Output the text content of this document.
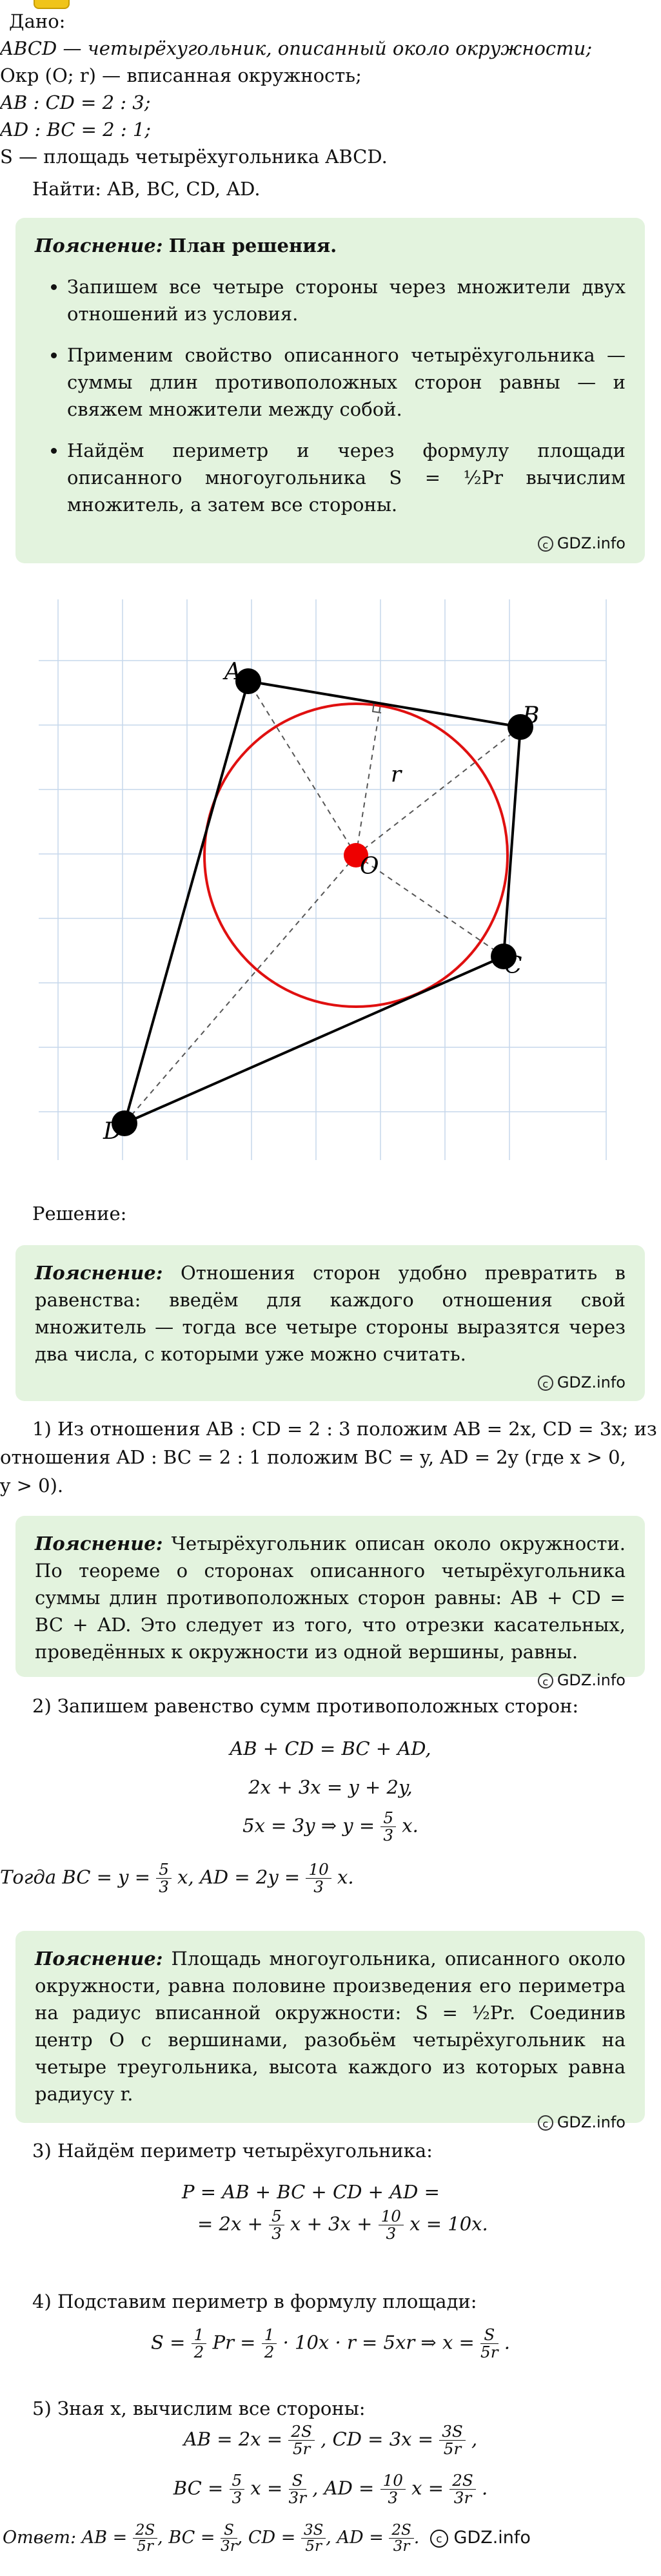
Дано:
ABCD — четырёхугольник, описанный около окружности;
Окр (O; r) — вписанная окружность;
AB : CD = 2 : 3;
AD : BC = 2 : 1;
S — площадь четырёхугольника ABCD.
Найти: AB, BC, CD, AD.

Пояснение: План решения.

• Запишем все четыре стороны через множители двух отношений из условия.
• Применим свойство описанного четырёхугольника — суммы длин противоположных сторон равны — и свяжем множители между собой.
• Найдём периметр и через формулу площади описанного многоугольника S = ½Pr вычислим множитель, а затем все стороны.
c GDZ.info
A
B
C
D
O
r
Решение:

Пояснение: Отношения сторон удобно превратить в равенства: введём для каждого отношения свой множитель — тогда все четыре стороны выразятся через два числа, с которыми уже можно считать.

c GDZ.info
1) Из отношения AB : CD = 2 : 3 положим AB = 2x, CD = 3x; из
отношения AD : BC = 2 : 1 положим BC = y, AD = 2y (где x > 0,
y > 0).

Пояснение: Четырёхугольник описан около окружности. По теореме о сторонах описанного четырёхугольника суммы длин противоположных сторон равны: AB + CD = BC + AD. Это следует из того, что отрезки касательных, проведённых к окружности из одной вершины, равны.

c GDZ.info
2) Запишем равенство сумм противоположных сторон:
AB + CD = BC + AD,
2x + 3x = y + 2y,
5x = 3y ⇒ $y = \frac{5}{3} x$.
Тогда BC = $y = \frac{5}{3} x$, AD = $2y = \frac{10}{3} x$.

Пояснение: Площадь многоугольника, описанного около окружности, равна половине произведения его периметра на радиус вписанной окружности: S = ½Pr. Соединив центр O с вершинами, разобьём четырёхугольник на четыре треугольника, высота каждого из которых равна радиусу r.

c GDZ.info
3) Найдём периметр четырёхугольника:
P = AB + BC + CD + AD =
= $2x + \frac{5}{3}$ $x + 3x + \frac{10}{3}$ x = 10x.
4) Подставим периметр в формулу площади:
$S = \frac{1}{2}$ $Pr = \frac{1}{2} \cdot 10x \cdot r = 5xr$ ⇒ $x = \frac{S}{5r}$ .
5) Зная x, вычислим все стороны:
AB = $2x = \frac{2S}{5r}$ , CD = $3x = \frac{3S}{5r}$ ,
BC = $\frac{5}{3}$ $x = \frac{S}{3r}$ , AD = $\frac{10}{3}$ $x = \frac{2S}{3r}$ .
Ответ: AB = $\frac{2S}{5r}$ , BC = $\frac{S}{3r}$ , CD = $\frac{3S}{5r}$ , AD = $\frac{2S}{3r}$ . c GDZ.info
